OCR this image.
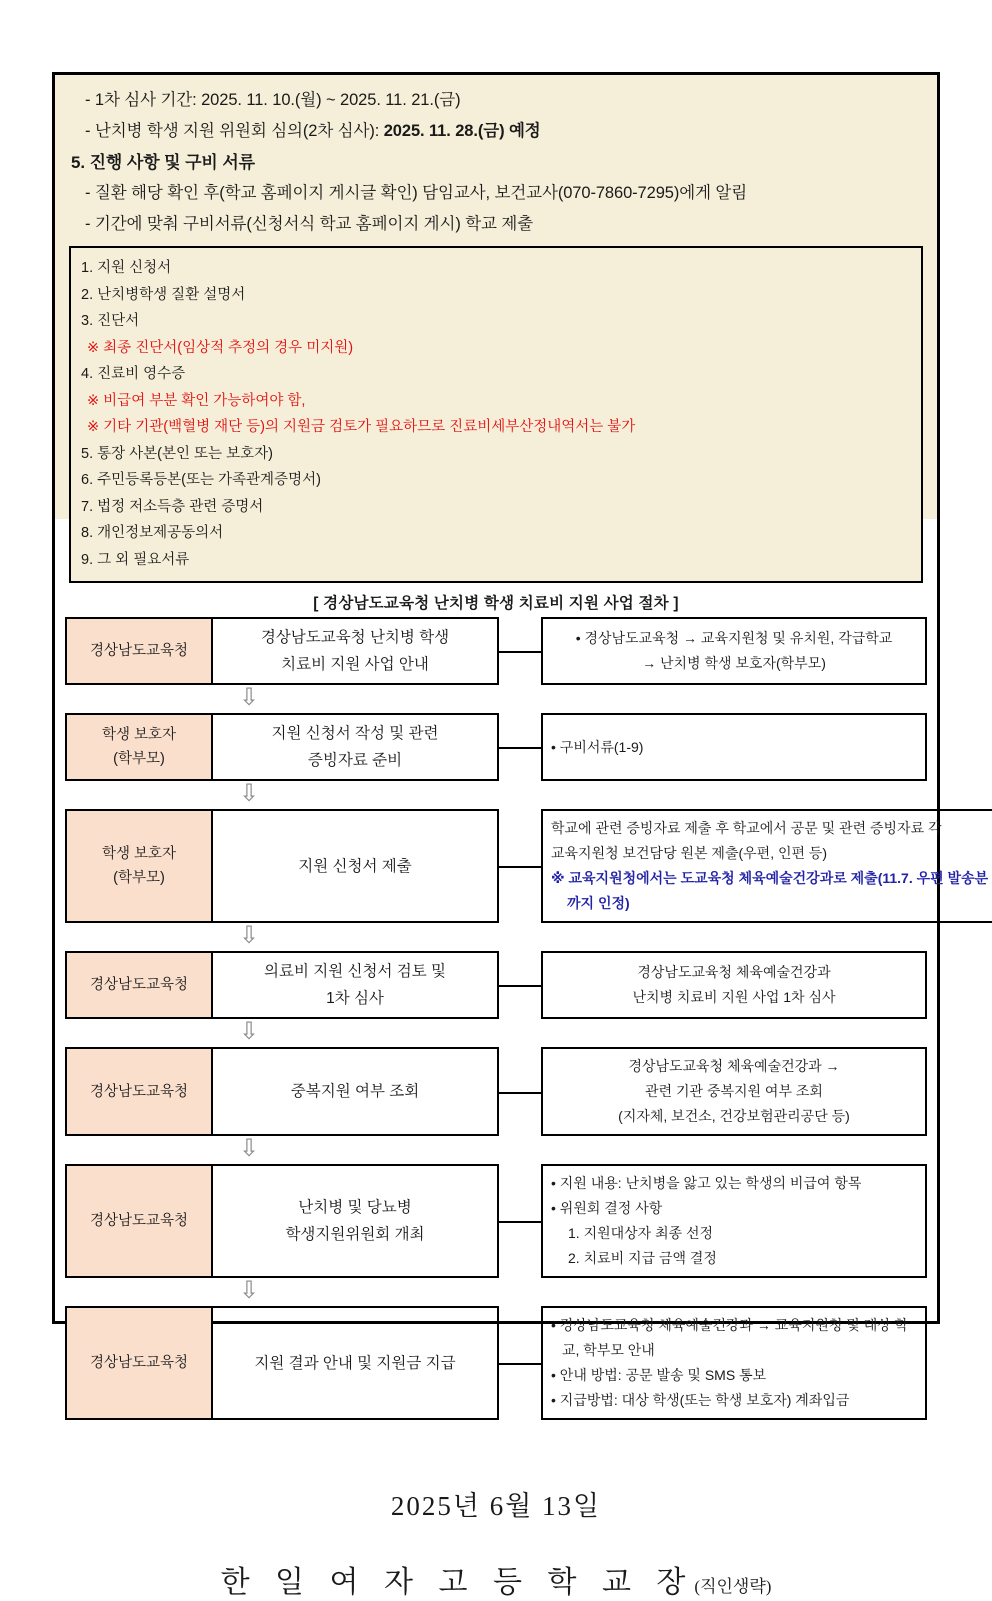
- 1차 심사 기간: 2025. 11. 10.(월) ~ 2025. 11. 21.(금)
- 난치병 학생 지원 위원회 심의(2차 심사): 2025. 11. 28.(금) 예정
5. 진행 사항 및 구비 서류
- 질환 해당 확인 후(학교 홈페이지 게시글 확인) 담임교사, 보건교사(070-7860-7295)에게 알림
- 기간에 맞춰 구비서류(신청서식 학교 홈페이지 게시) 학교 제출
1. 지원 신청서
2. 난치병학생 질환 설명서
3. 진단서
※ 최종 진단서(임상적 추정의 경우 미지원)
4. 진료비 영수증
※ 비급여 부분 확인 가능하여야 함,
※ 기타 기관(백혈병 재단 등)의 지원금 검토가 필요하므로 진료비세부산정내역서는 불가
5. 통장 사본(본인 또는 보호자)
6. 주민등록등본(또는 가족관계증명서)
7. 법정 저소득층 관련 증명서
8. 개인정보제공동의서
9. 그 외 필요서류
[ 경상남도교육청 난치병 학생 치료비 지원 사업 절차 ]
경상남도교육청
경상남도교육청 난치병 학생
치료비 지원 사업 안내
• 경상남도교육청 → 교육지원청 및 유치원, 각급학교
→ 난치병 학생 보호자(학부모)
⇩
학생 보호자
(학부모)
지원 신청서 작성 및 관련
증빙자료 준비
• 구비서류(1-9)
⇩
학생 보호자
(학부모)
지원 신청서 제출
학교에 관련 증빙자료 제출 후 학교에서 공문 및 관련 증빙자료 각
교육지원청 보건담당 원본 제출(우편, 인편 등)
※ 교육지원청에서는 도교육청 체육예술건강과로 제출(11.7. 우편 발송분
까지 인정)
⇩
경상남도교육청
의료비 지원 신청서 검토 및
1차 심사
경상남도교육청 체육예술건강과
난치병 치료비 지원 사업 1차 심사
⇩
경상남도교육청	중복지원 여부 조회
경상남도교육청 체육예술건강과 →
관련 기관 중복지원 여부 조회
(지자체, 보건소, 건강보험관리공단 등)
⇩
경상남도교육청
난치병 및 당뇨병
학생지원위원회 개최
• 지원 내용: 난치병을 앓고 있는 학생의 비급여 항목
• 위원회 결정 사항
1. 지원대상자 최종 선정
2. 치료비 지급 금액 결정
⇩
경상남도교육청	지원 결과 안내 및 지원금 지급
• 경상남도교육청 체육예술건강과 → 교육지원청 및 대상 학교, 학부모 안내
• 안내 방법: 공문 발송 및 SMS 통보
• 지급방법: 대상 학생(또는 학생 보호자) 계좌입금
2025년 6월 13일
한 일 여 자 고 등 학 교 장(직인생략)
